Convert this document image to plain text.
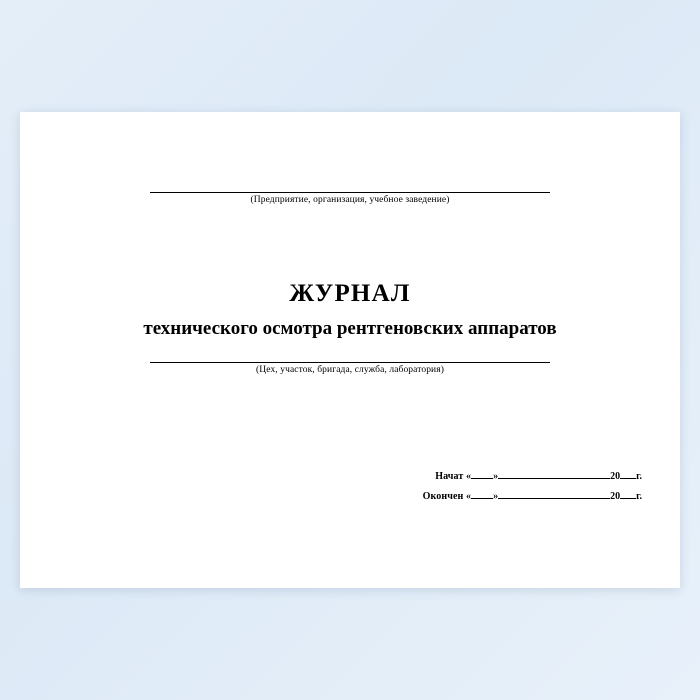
(Предприятие, организация, учебное заведение)
ЖУРНАЛ
технического осмотра рентгеновских аппаратов
(Цех, участок, бригада, служба, лаборатория)
Начат « »	20 г.
Окончен « »	20 г.
